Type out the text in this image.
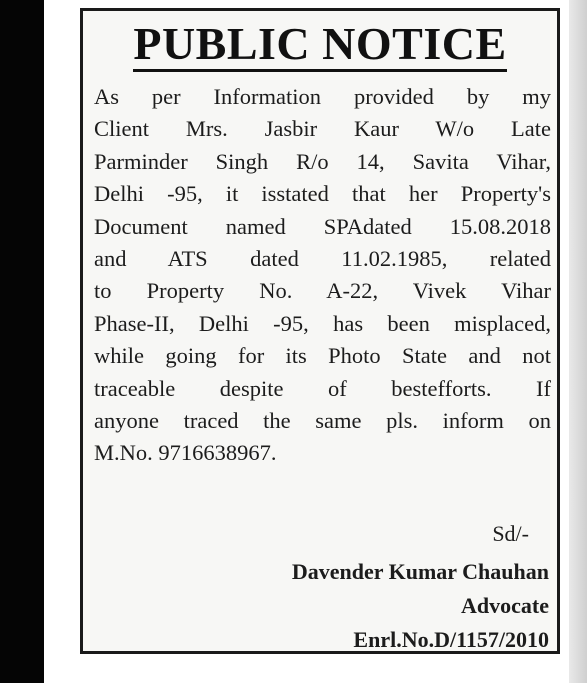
PUBLIC NOTICE
As per Information provided by my
Client Mrs. Jasbir Kaur W/o Late
Parminder Singh R/o 14, Savita Vihar,
Delhi -95, it isstated that her Property's
Document named SPAdated 15.08.2018
and ATS dated 11.02.1985, related
to Property No. A-22, Vivek Vihar
Phase-II, Delhi -95, has been misplaced,
while going for its Photo State and not
traceable despite of bestefforts. If
anyone traced the same pls. inform on
M.No. 9716638967.
Sd/-
Davender Kumar Chauhan
Advocate
Enrl.No.D/1157/2010
